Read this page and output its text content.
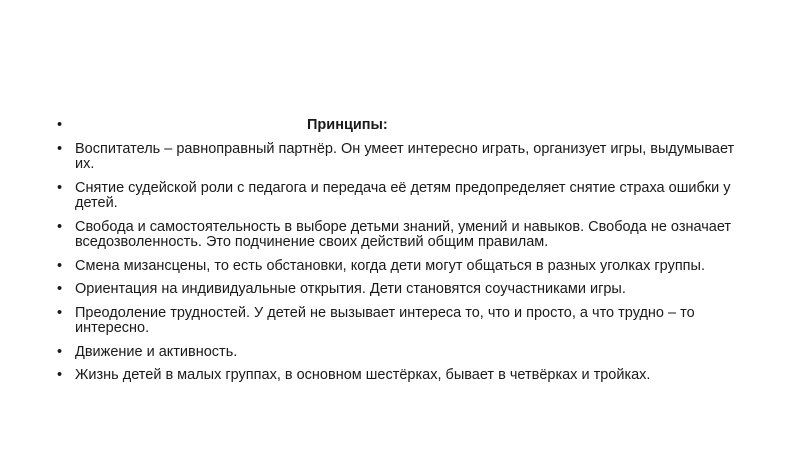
•	Принципы:
• Воспитатель – равноправный партнёр. Он умеет интересно играть, организует игры, выдумывает их.
• Снятие судейской роли с педагога и передача её детям предопределяет снятие страха ошибки у детей.
• Свобода и самостоятельность в выборе детьми знаний, умений и навыков. Свобода не означает вседозволенность. Это подчинение своих действий общим правилам.
• Смена мизансцены, то есть обстановки, когда дети могут общаться в разных уголках группы.
• Ориентация на индивидуальные открытия. Дети становятся соучастниками игры.
• Преодоление трудностей. У детей не вызывает интереса то, что и просто, а что трудно – то интересно.
• Движение и активность.
• Жизнь детей в малых группах, в основном шестёрках, бывает в четвёрках и тройках.
